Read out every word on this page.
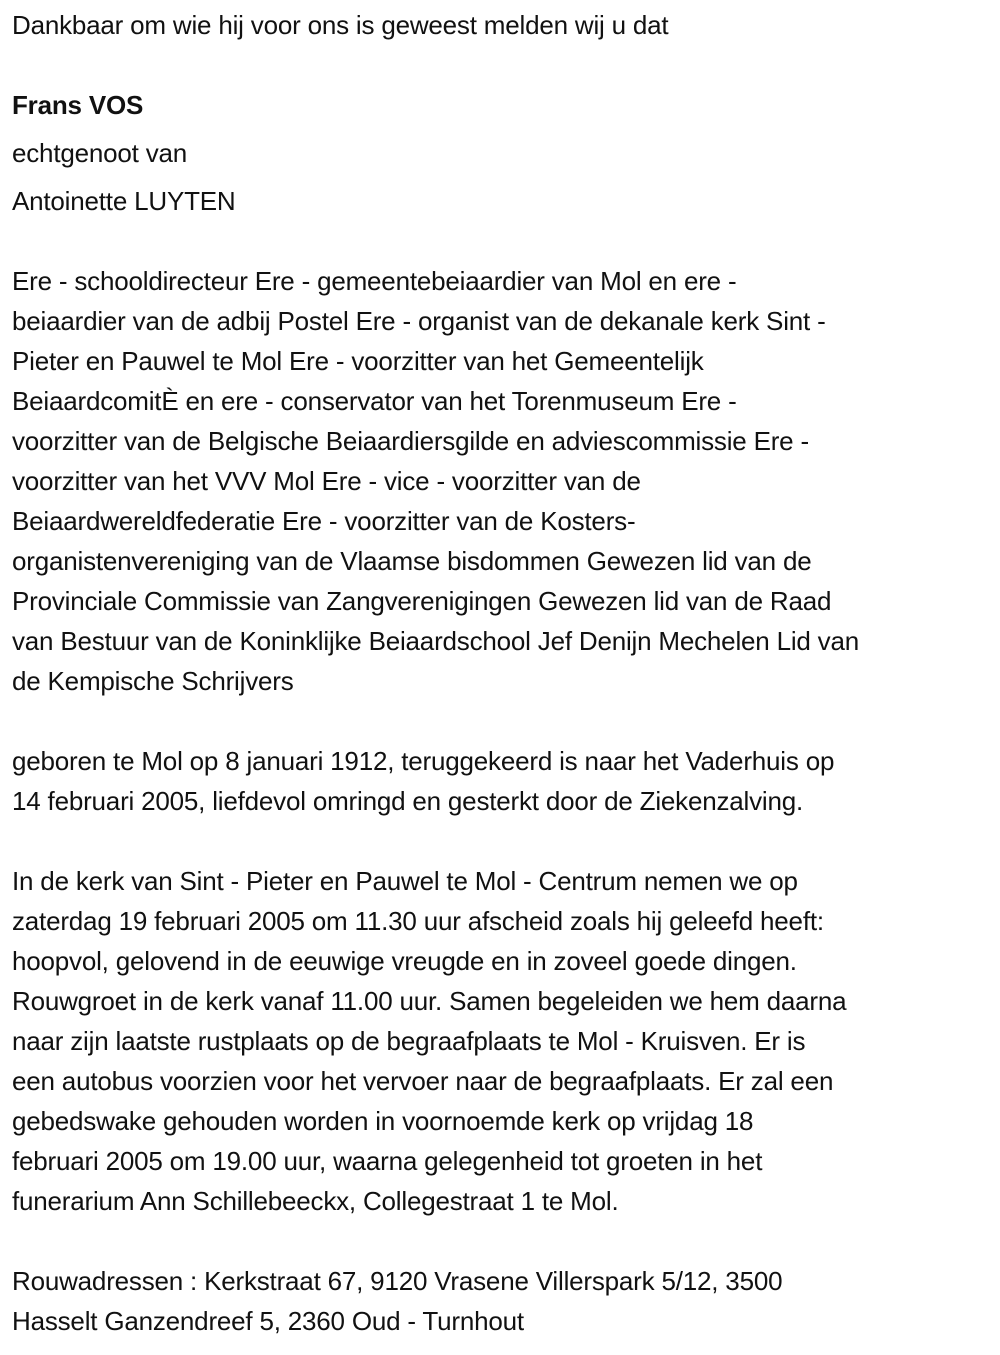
Dankbaar om wie hij voor ons is geweest melden wij u dat
Frans VOS
echtgenoot van
Antoinette LUYTEN
Ere - schooldirecteur Ere - gemeentebeiaardier van Mol en ere -
beiaardier van de adbij Postel Ere - organist van de dekanale kerk Sint -
Pieter en Pauwel te Mol Ere - voorzitter van het Gemeentelijk
BeiaardcomitÈ en ere - conservator van het Torenmuseum Ere -
voorzitter van de Belgische Beiaardiersgilde en adviescommissie Ere -
voorzitter van het VVV Mol Ere - vice - voorzitter van de
Beiaardwereldfederatie Ere - voorzitter van de Kosters-
organistenvereniging van de Vlaamse bisdommen Gewezen lid van de
Provinciale Commissie van Zangverenigingen Gewezen lid van de Raad
van Bestuur van de Koninklijke Beiaardschool Jef Denijn Mechelen Lid van
de Kempische Schrijvers
geboren te Mol op 8 januari 1912, teruggekeerd is naar het Vaderhuis op
14 februari 2005, liefdevol omringd en gesterkt door de Ziekenzalving.
In de kerk van Sint - Pieter en Pauwel te Mol - Centrum nemen we op
zaterdag 19 februari 2005 om 11.30 uur afscheid zoals hij geleefd heeft:
hoopvol, gelovend in de eeuwige vreugde en in zoveel goede dingen.
Rouwgroet in de kerk vanaf 11.00 uur. Samen begeleiden we hem daarna
naar zijn laatste rustplaats op de begraafplaats te Mol - Kruisven. Er is
een autobus voorzien voor het vervoer naar de begraafplaats. Er zal een
gebedswake gehouden worden in voornoemde kerk op vrijdag 18
februari 2005 om 19.00 uur, waarna gelegenheid tot groeten in het
funerarium Ann Schillebeeckx, Collegestraat 1 te Mol.
Rouwadressen : Kerkstraat 67, 9120 Vrasene Villerspark 5/12, 3500
Hasselt Ganzendreef 5, 2360 Oud - Turnhout
